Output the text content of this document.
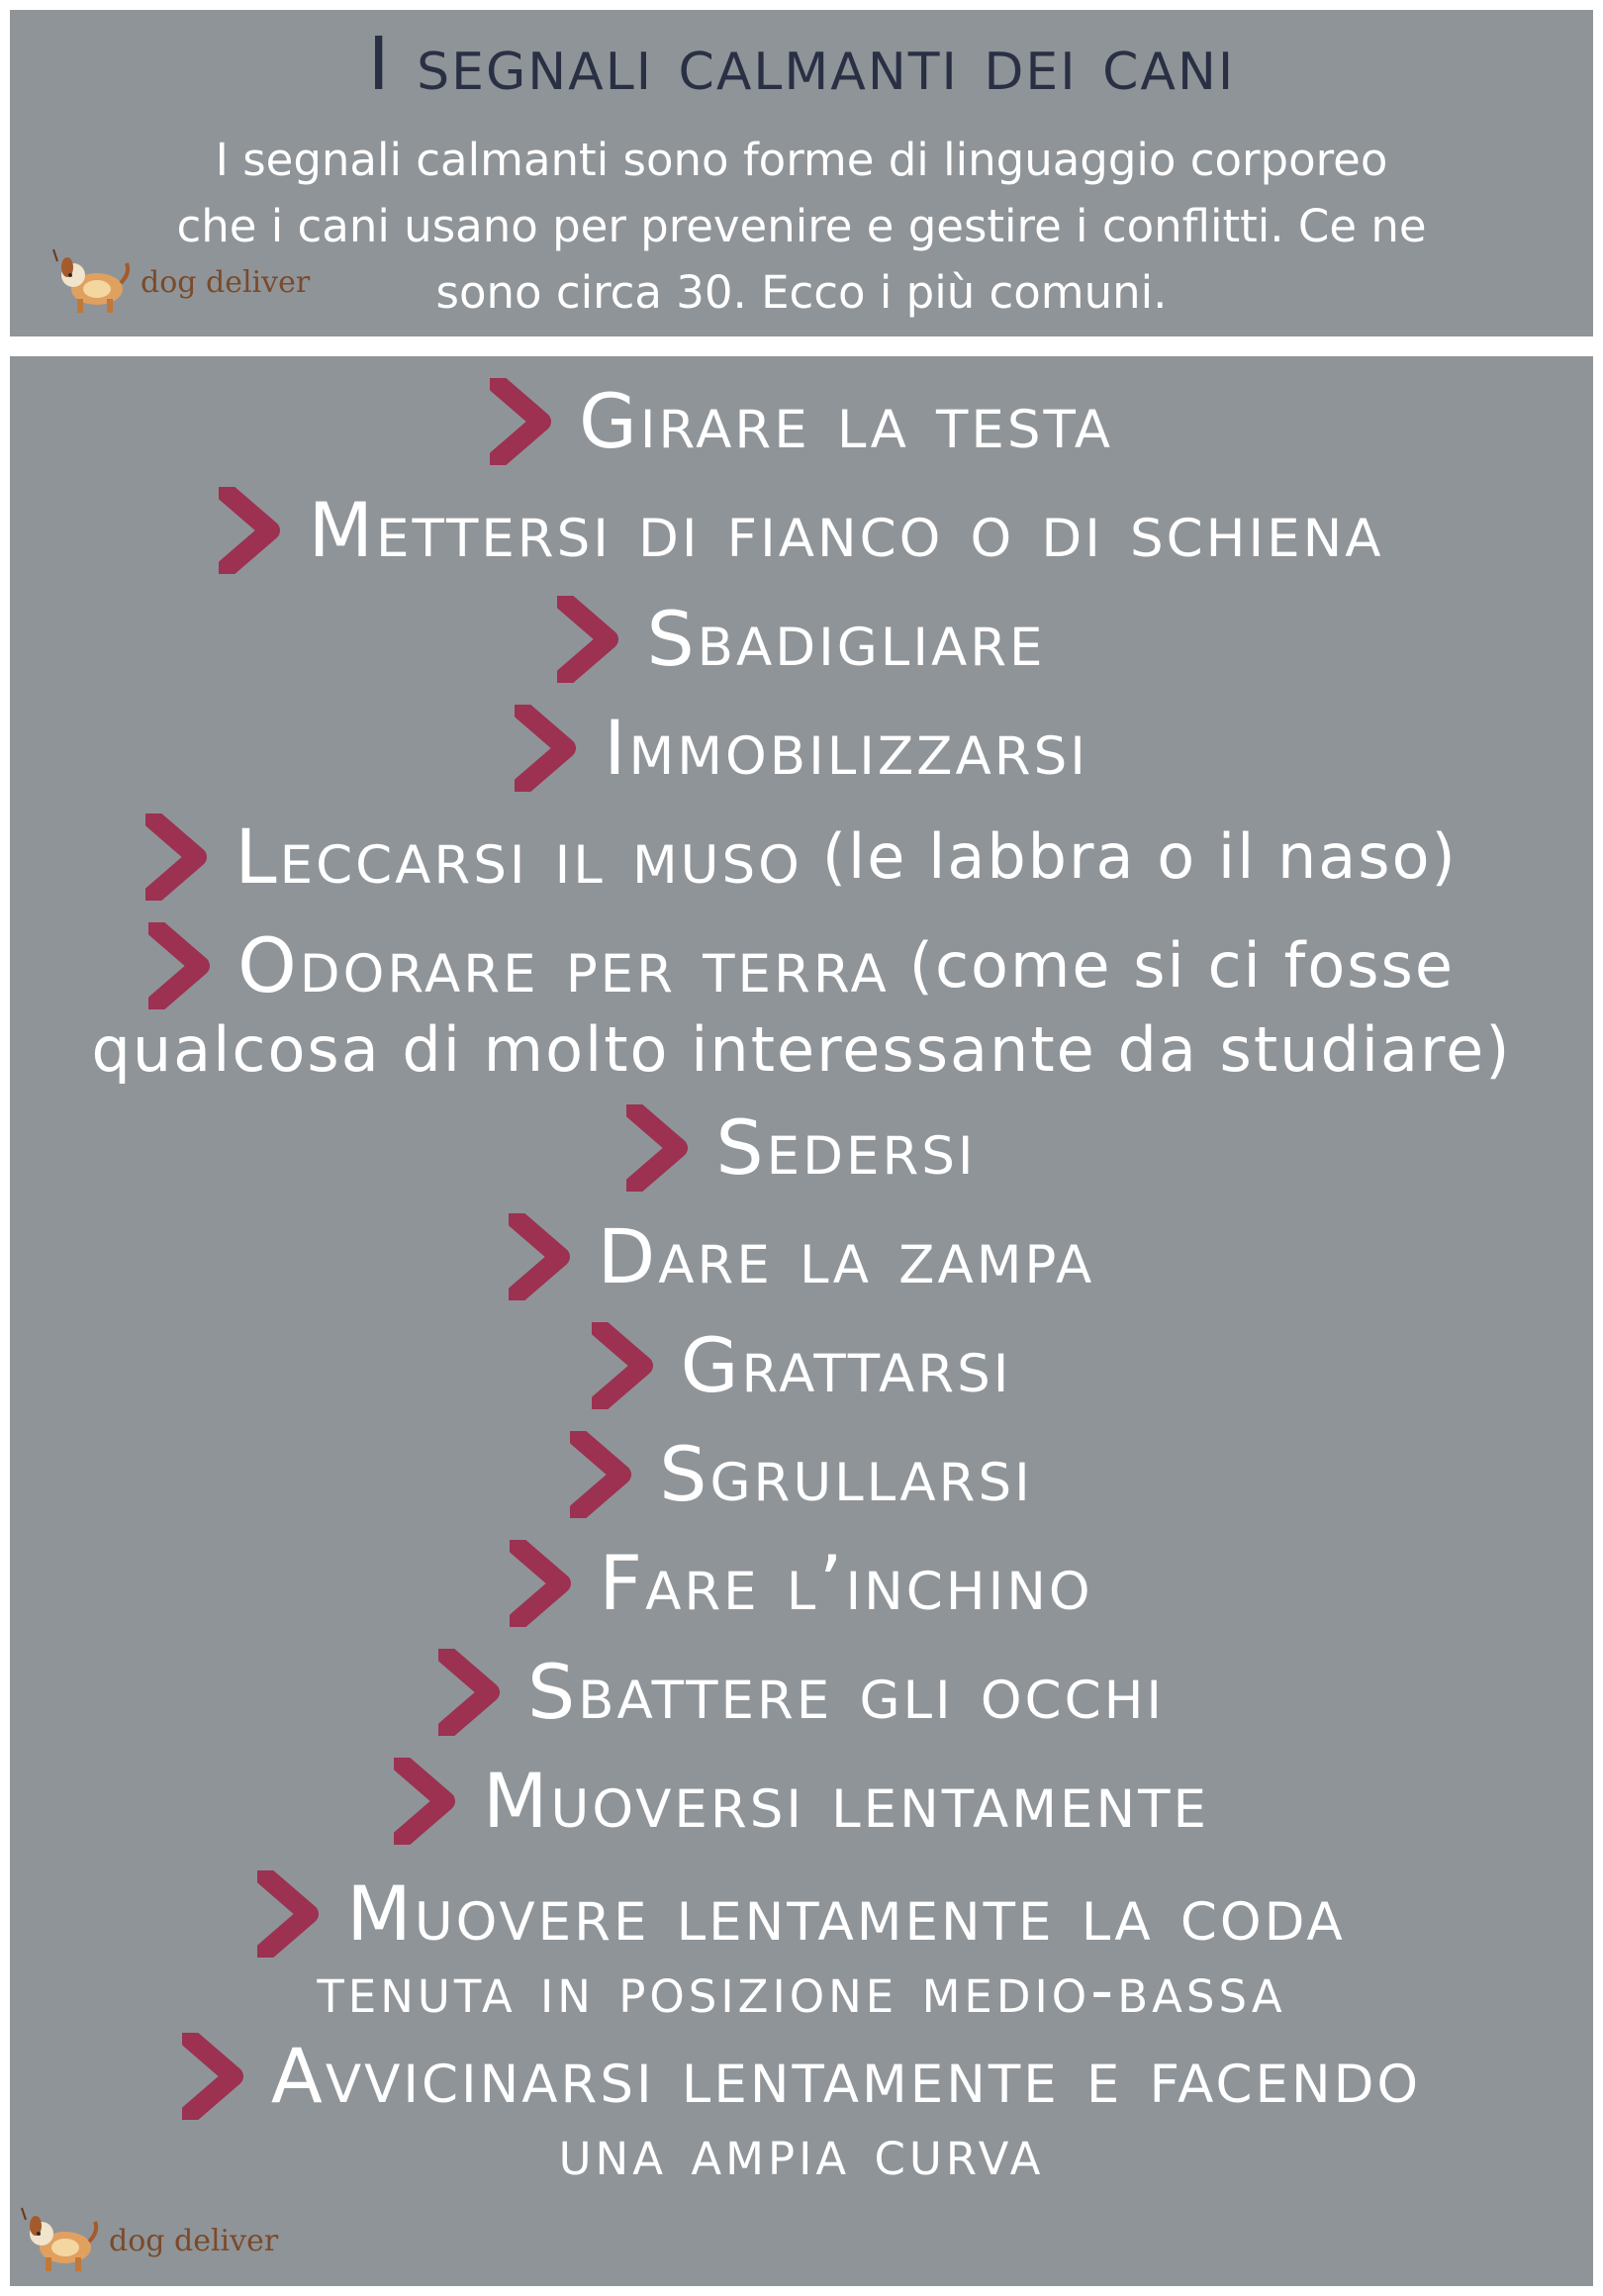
I segnali calmanti dei cani
I segnali calmanti sono forme di linguaggio corporeo
che i cani usano per prevenire e gestire i conflitti. Ce ne
sono circa 30. Ecco i più comuni.
dog deliver
Girare la testa
Mettersi di fianco o di schiena
Sbadigliare
Immobilizzarsi
Leccarsi il muso (le labbra o il naso)
Odorare per terra (come si ci fosse
qualcosa di molto interessante da studiare)
Sedersi
Dare la zampa
Grattarsi
Sgrullarsi
Fare l’inchino
Sbattere gli occhi
Muoversi lentamente
Muovere lentamente la coda
tenuta in posizione medio-bassa
Avvicinarsi lentamente e facendo
una ampia curva
dog deliver
